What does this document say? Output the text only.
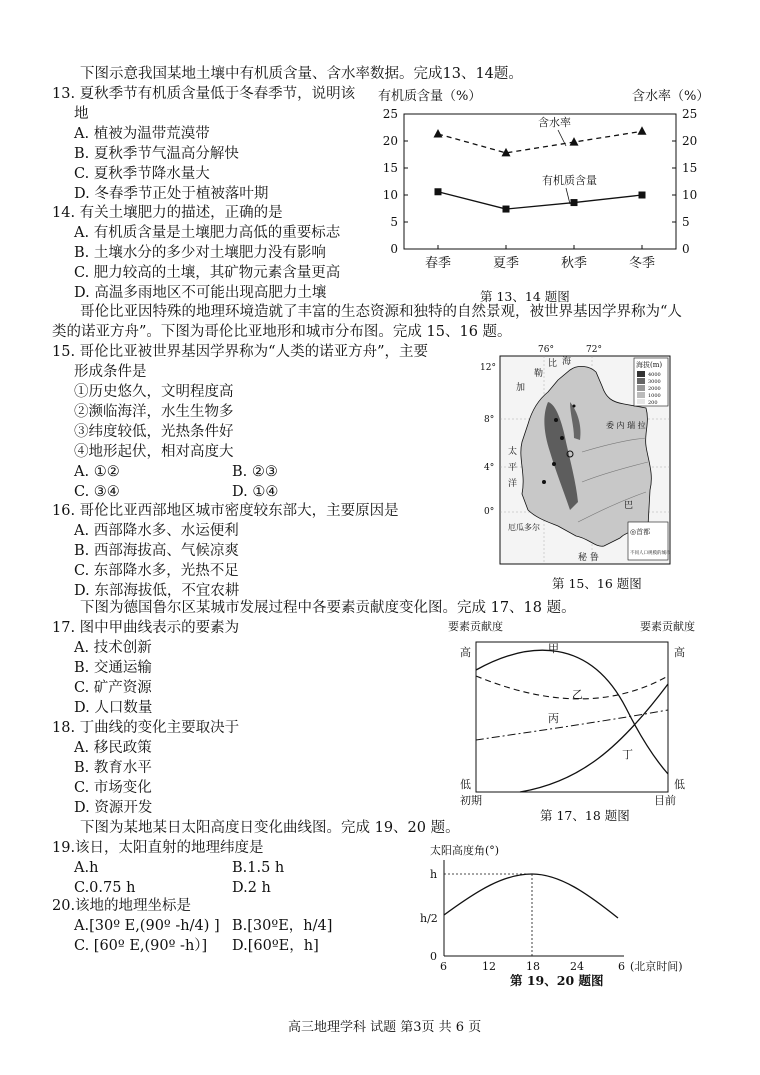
下图示意我国某地土壤中有机质含量、含水率数据。完成13、14题。
13. 夏秋季节有机质含量低于冬春季节，说明该
地
A. 植被为温带荒漠带
B. 夏秋季节气温高分解快
C. 夏秋季节降水量大
D. 冬春季节正处于植被落叶期
14. 有关土壤肥力的描述，正确的是
A. 有机质含量是土壤肥力高低的重要标志
B. 土壤水分的多少对土壤肥力没有影响
C. 肥力较高的土壤，其矿物元素含量更高
D. 高温多雨地区不可能出现高肥力土壤
有机质含量（%）	含水率（%）
0	0
5	5
10	10
15	15
20	20
25	25
春季	夏季	秋季	冬季
含水率
有机质含量
第 13、14 题图
哥伦比亚因特殊的地理环境造就了丰富的生态资源和独特的自然景观，被世界基因学界称为“人
类的诺亚方舟”。下图为哥伦比亚地形和城市分布图。完成 15、16 题。
15. 哥伦比亚被世界基因学界称为“人类的诺亚方舟”，主要
形成条件是
①历史悠久，文明程度高
②濒临海洋，水生生物多
③纬度较低，光热条件好
④地形起伏，相对高度大
A. ①②	B. ②③
C. ③④	D. ①④
16. 哥伦比亚西部地区城市密度较东部大，主要原因是
A. 西部降水多、水运便利
B. 西部海拔高、气候凉爽
C. 东部降水多，光热不足
D. 东部海拔低，不宜农耕
76°	72°
12°
8°
4°
0°
加
勒
比 海
太
平
洋
委 内 瑞 拉
巴
厄瓜多尔
秘 鲁
海拔(m)
4000
3000
2000
1000
200
◎首都
不同人口规模的城市
第 15、16 题图
下图为德国鲁尔区某城市发展过程中各要素贡献度变化图。完成 17、18 题。
17. 图中甲曲线表示的要素为
A. 技术创新
B. 交通运输
C. 矿产资源
D. 人口数量
18. 丁曲线的变化主要取决于
A. 移民政策
B. 教育水平
C. 市场变化
D. 资源开发
要素贡献度	要素贡献度
高	高
低	低
初期	目前
甲
乙
丙
丁
第 17、18 题图
下图为某地某日太阳高度日变化曲线图。完成 19、20 题。
19.该日，太阳直射的地理纬度是
A.h	B.1.5 h
C.0.75 h	D.2 h
20.该地的地理坐标是
A.[30º E,(90º -h/4) ] B.[30ºE，h/4]
C. [60º E,(90º -h）] D.[60ºE，h]
太阳高度角(°)
h
h/2
0
6	12	18	24	6 (北京时间)
第 19、20 题图
高三地理学科 试题 第3页 共 6 页
